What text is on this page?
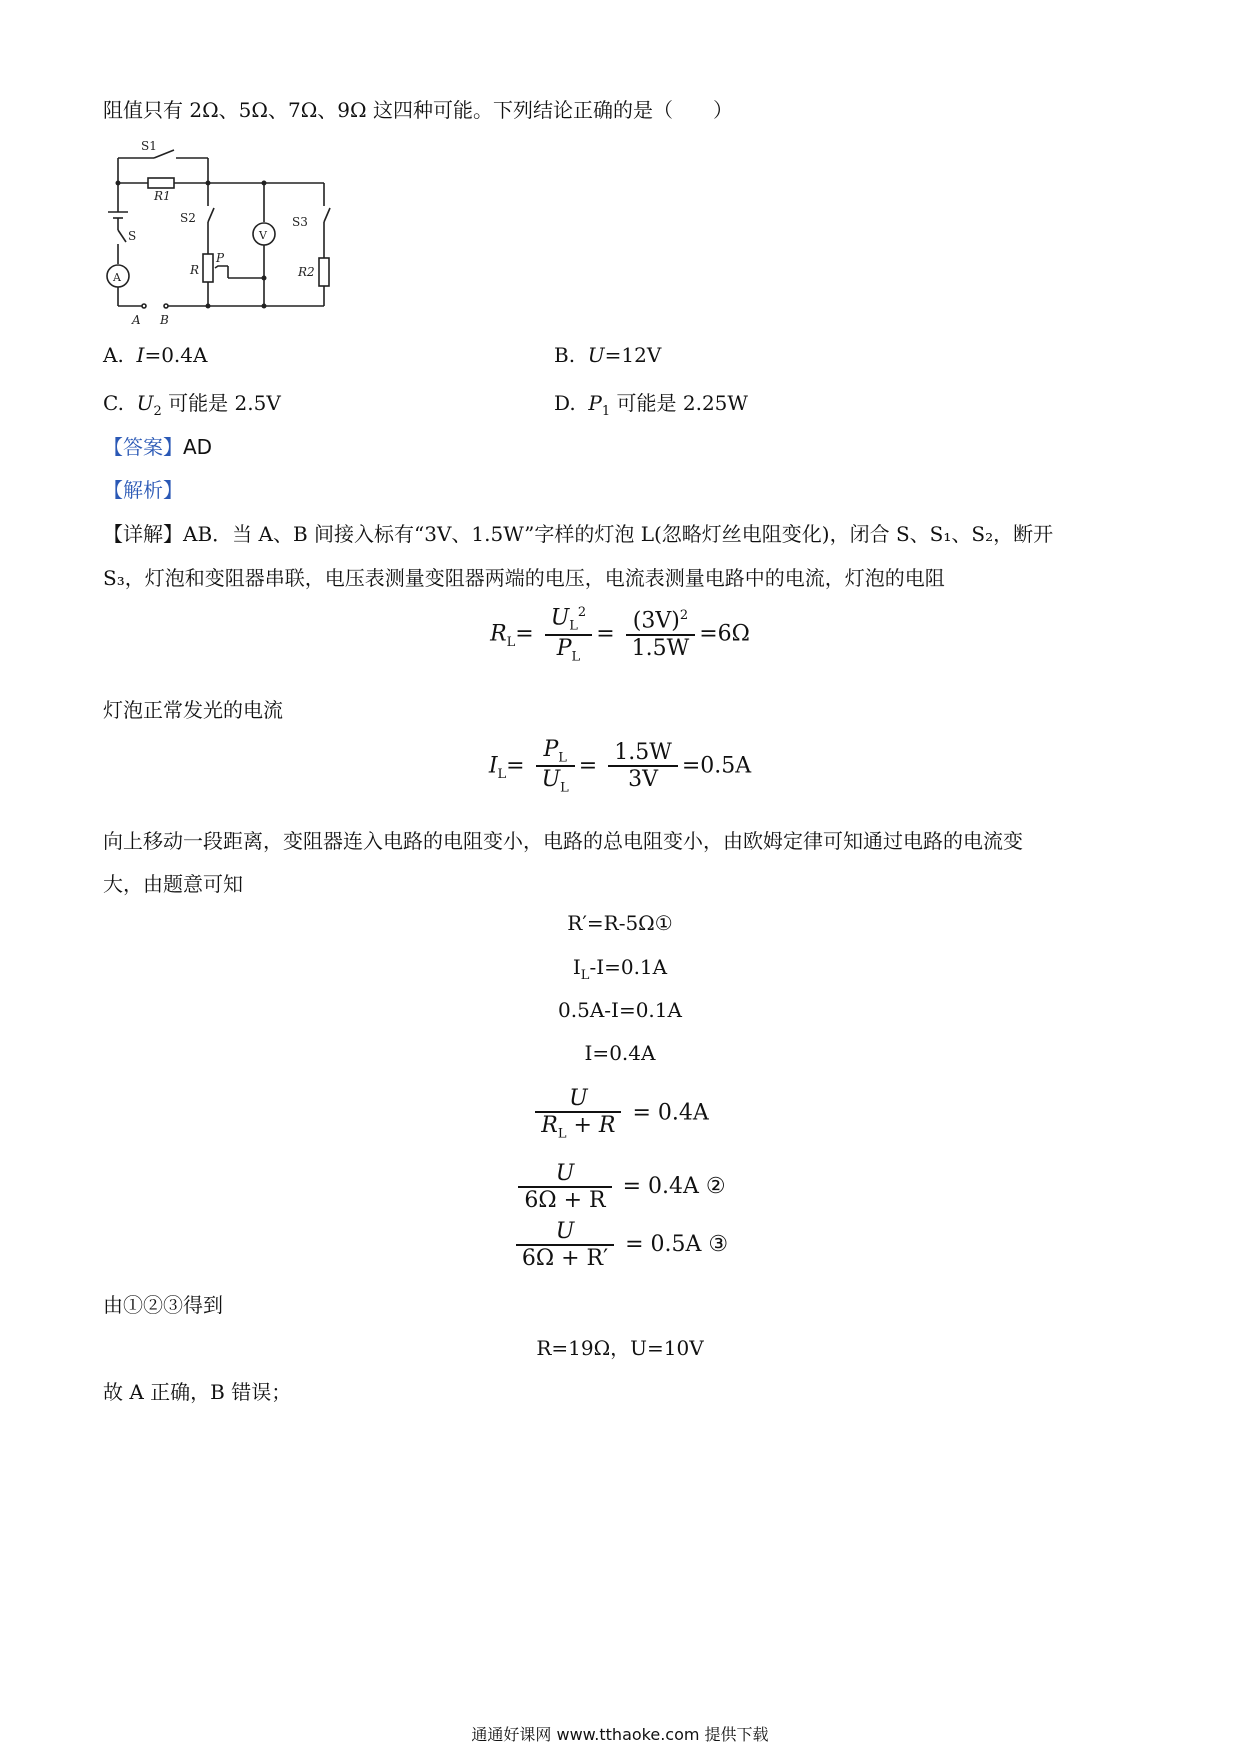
阻值只有 2Ω、5Ω、7Ω、9Ω 这四种可能。下列结论正确的是（　　）
S1
R1
S2	S3
S	V
A
R
P
R2
A B
A. I=0.4A	B. U=12V
C. $U_2$ 可能是 2.5V	D. $P_1$ 可能是 2.25W
【答案】AD
【解析】
【详解】AB．当 A、B 间接入标有“3V、1.5W”字样的灯泡 L(忽略灯丝电阻变化)，闭合 S、S₁、S₂，断开
S₃，灯泡和变阻器串联，电压表测量变阻器两端的电压，电流表测量电路中的电流，灯泡的电阻
$R_L= \frac{U_L^2}{P_L} = \frac{(3V)^2}{1.5W} =6\Omega$
灯泡正常发光的电流
$I_L= \frac{P_L}{U_L} = \frac{1.5W}{3V} =0.5A$
向上移动一段距离，变阻器连入电路的电阻变小，电路的总电阻变小，由欧姆定律可知通过电路的电流变
大，由题意可知
R′=R-5Ω①
$I_L-I=0.1A$
0.5A-I=0.1A
I=0.4A
$\frac{U}{R_L + R} = 0.4A$
$\frac{U}{6\Omega + R} = 0.4A$ ②
$\frac{U}{6\Omega + R'} = 0.5A$ ③
由①②③得到
R=19Ω，U=10V
故 A 正确，B 错误；
通通好课网 www.tthaoke.com 提供下载
